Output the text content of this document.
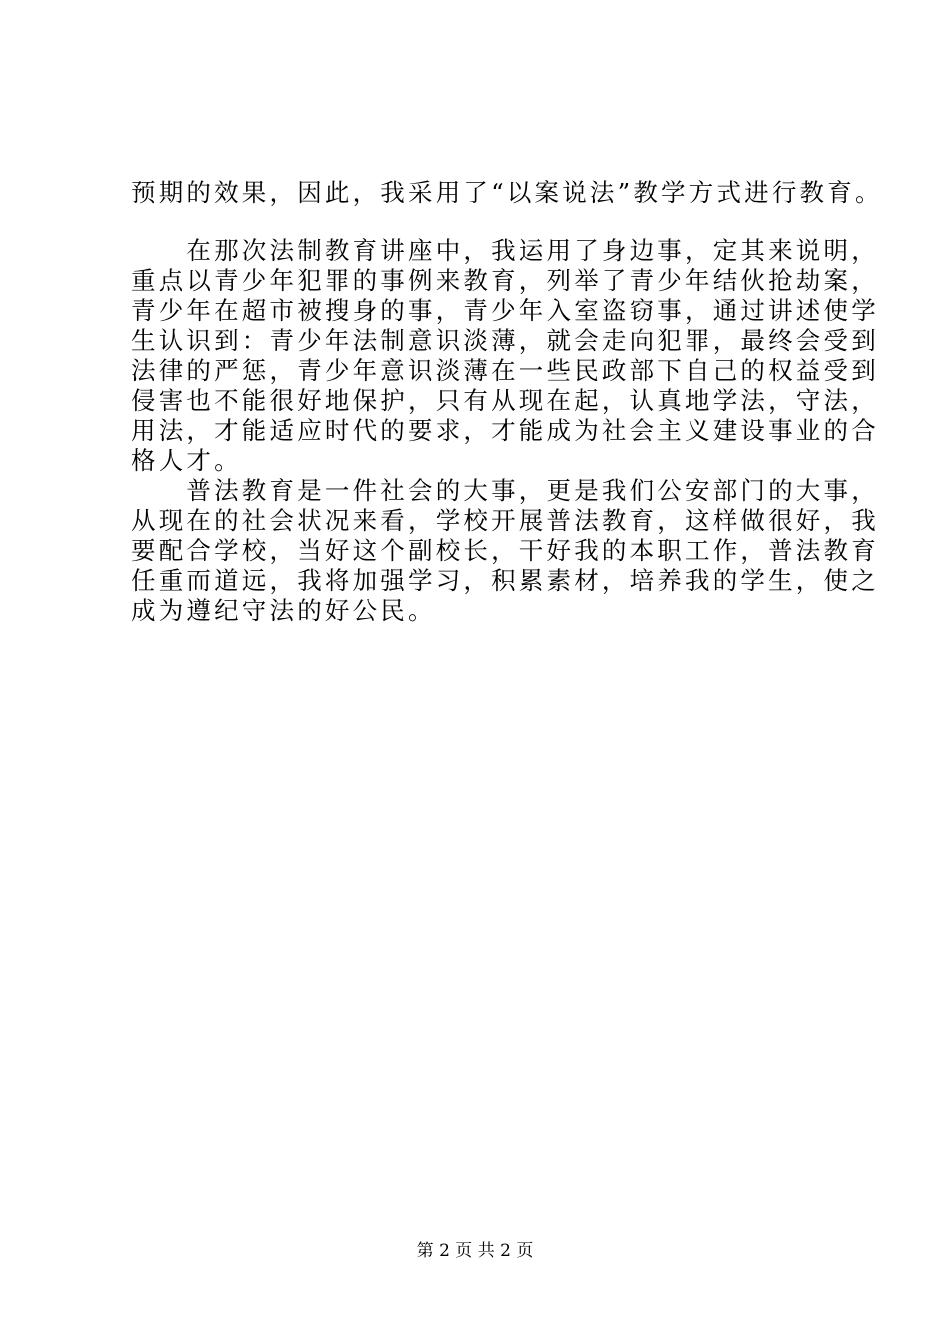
预期的效果，因此，我采用了“以案说法”教学方式进行教育。
　　在那次法制教育讲座中，我运用了身边事，定其来说明，
重点以青少年犯罪的事例来教育，列举了青少年结伙抢劫案，
青少年在超市被搜身的事，青少年入室盗窃事，通过讲述使学
生认识到：青少年法制意识淡薄，就会走向犯罪，最终会受到
法律的严惩，青少年意识淡薄在一些民政部下自己的权益受到
侵害也不能很好地保护，只有从现在起，认真地学法，守法，
用法，才能适应时代的要求，才能成为社会主义建设事业的合
格人才。
　　普法教育是一件社会的大事，更是我们公安部门的大事，
从现在的社会状况来看，学校开展普法教育，这样做很好，我
要配合学校，当好这个副校长，干好我的本职工作，普法教育
任重而道远，我将加强学习，积累素材，培养我的学生，使之
成为遵纪守法的好公民。
第 2 页 共 2 页
